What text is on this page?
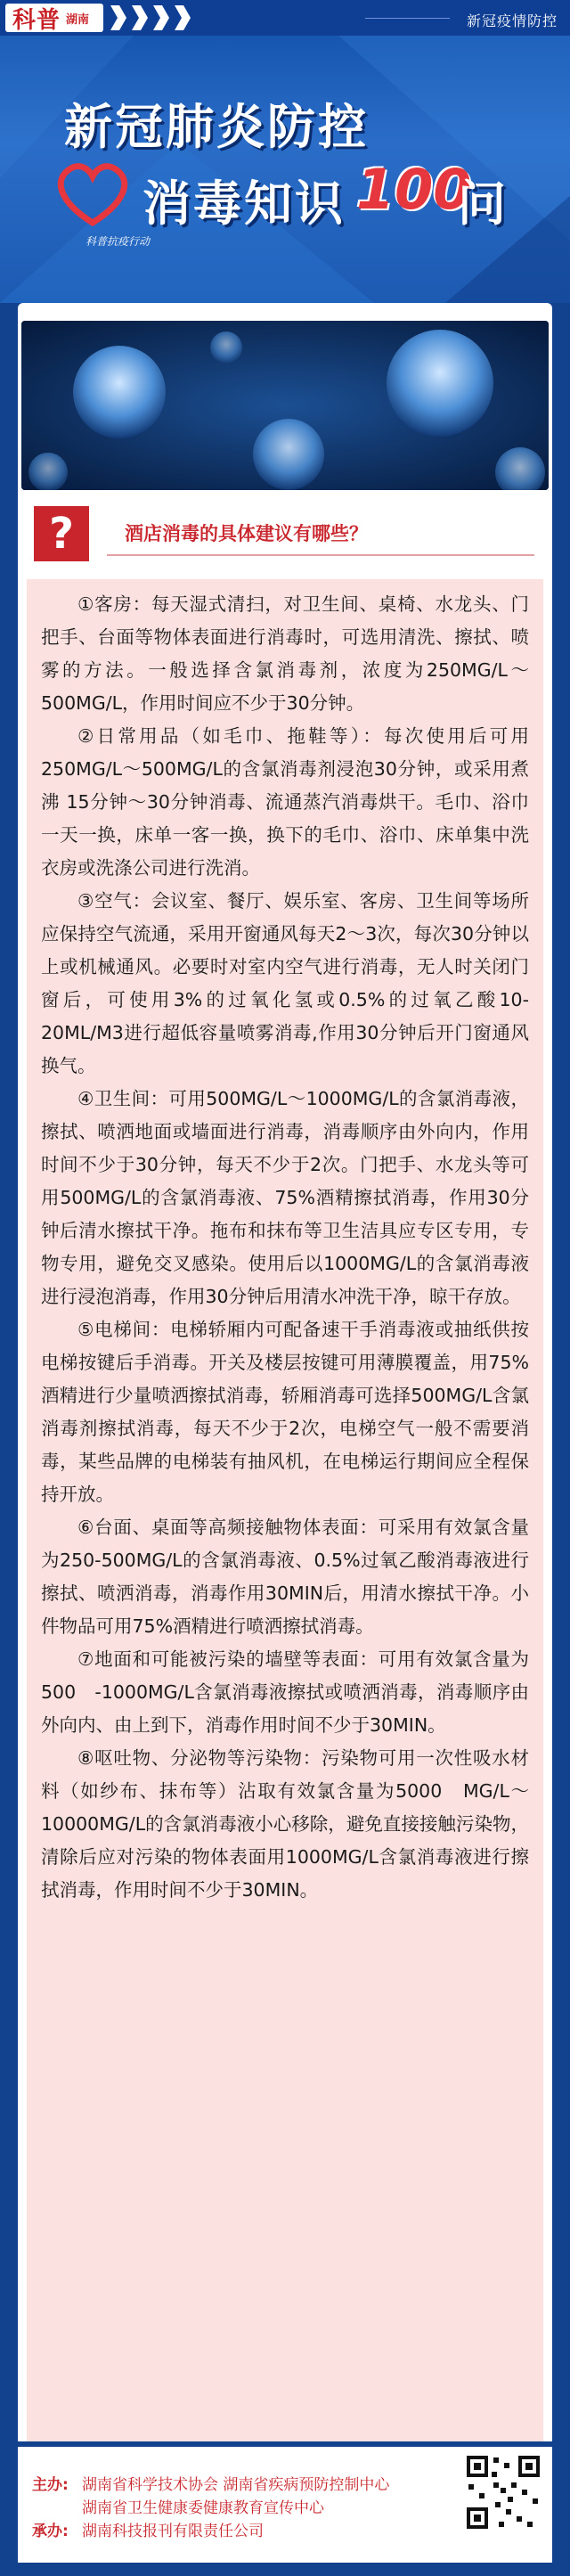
科普 湖南	新冠疫情防控
新冠肺炎防控
科普抗疫行动
消毒知识 100
问
?	酒店消毒的具体建议有哪些？

①客房：每天湿式清扫，对卫生间、桌椅、水龙头、门把手、台面等物体表面进行消毒时，可选用清洗、擦拭、喷雾的方法。一般选择含氯消毒剂，浓度为250MG/L～500MG/L，作用时间应不少于30分钟。

②日常用品（如毛巾、拖鞋等）：每次使用后可用250MG/L～500MG/L的含氯消毒剂浸泡30分钟，或采用煮沸 15分钟～30分钟消毒、流通蒸汽消毒烘干。毛巾、浴巾一天一换，床单一客一换，换下的毛巾、浴巾、床单集中洗衣房或洗涤公司进行洗消。

③空气：会议室、餐厅、娱乐室、客房、卫生间等场所应保持空气流通，采用开窗通风每天2～3次，每次30分钟以上或机械通风。必要时对室内空气进行消毒，无人时关闭门窗后，可使用3%的过氧化氢或0.5%的过氧乙酸10-20ML/M3进行超低容量喷雾消毒,作用30分钟后开门窗通风换气。

④卫生间：可用500MG/L～1000MG/L的含氯消毒液，擦拭、喷洒地面或墙面进行消毒，消毒顺序由外向内，作用时间不少于30分钟，每天不少于2次。门把手、水龙头等可用500MG/L的含氯消毒液、75%酒精擦拭消毒，作用30分钟后清水擦拭干净。拖布和抹布等卫生洁具应专区专用，专物专用，避免交叉感染。使用后以1000MG/L的含氯消毒液进行浸泡消毒，作用30分钟后用清水冲洗干净，晾干存放。

⑤电梯间：电梯轿厢内可配备速干手消毒液或抽纸供按电梯按键后手消毒。开关及楼层按键可用薄膜覆盖，用75%酒精进行少量喷洒擦拭消毒，轿厢消毒可选择500MG/L含氯消毒剂擦拭消毒，每天不少于2次，电梯空气一般不需要消毒，某些品牌的电梯装有抽风机，在电梯运行期间应全程保持开放。

⑥台面、桌面等高频接触物体表面：可采用有效氯含量为250-500MG/L的含氯消毒液、0.5%过氧乙酸消毒液进行擦拭、喷洒消毒，消毒作用30MIN后，用清水擦拭干净。小件物品可用75%酒精进行喷洒擦拭消毒。

⑦地面和可能被污染的墙壁等表面：可用有效氯含量为500　-1000MG/L含氯消毒液擦拭或喷洒消毒，消毒顺序由外向内、由上到下，消毒作用时间不少于30MIN。

⑧呕吐物、分泌物等污染物：污染物可用一次性吸水材料（如纱布、抹布等）沾取有效氯含量为5000　MG/L～10000MG/L的含氯消毒液小心移除，避免直接接触污染物，清除后应对污染的物体表面用1000MG/L含氯消毒液进行擦拭消毒，作用时间不少于30MIN。

主办: 湖南省科学技术协会 湖南省疾病预防控制中心
湖南省卫生健康委健康教育宣传中心
承办: 湖南科技报刊有限责任公司
